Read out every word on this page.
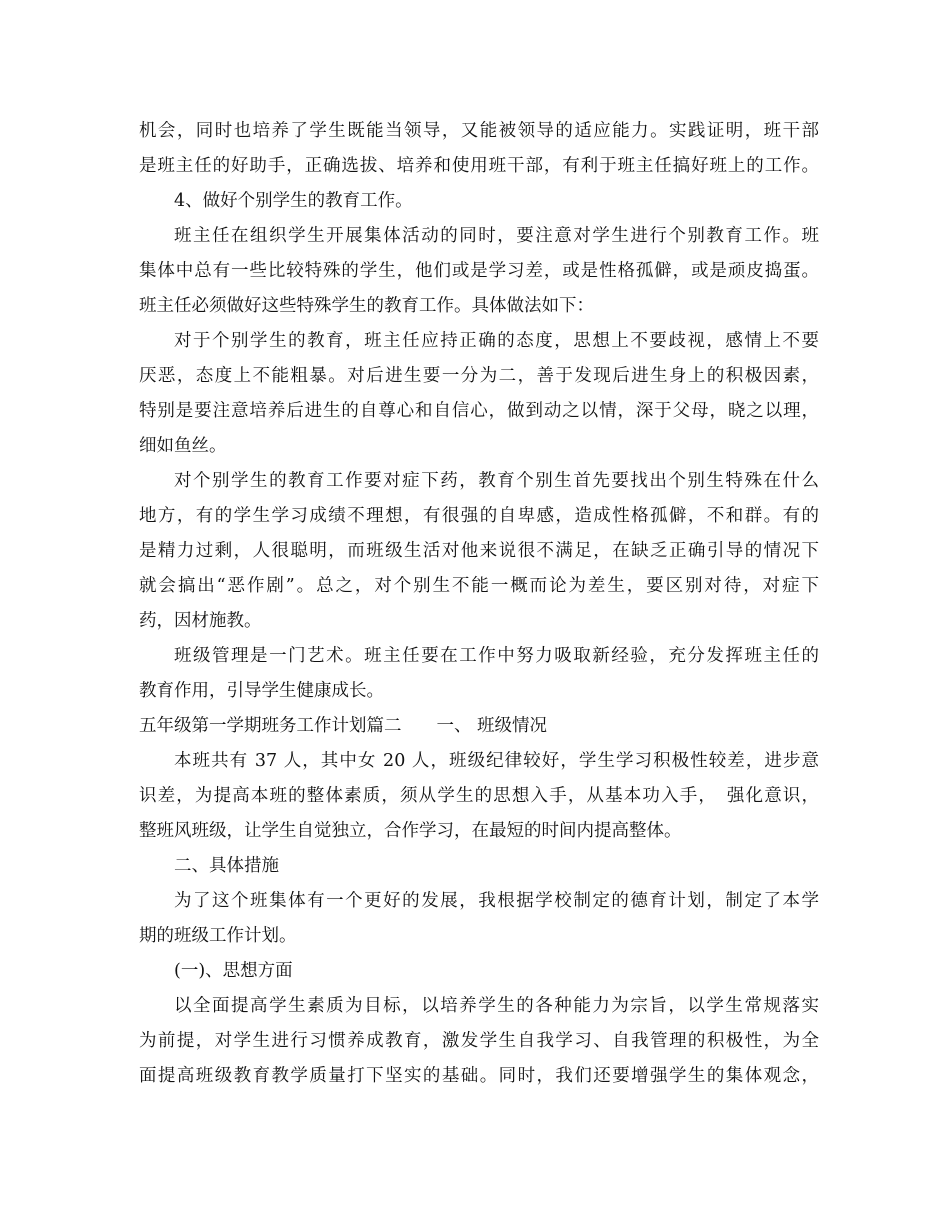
机会，同时也培养了学生既能当领导，又能被领导的适应能力。实践证明，班干部
是班主任的好助手，正确选拔、培养和使用班干部，有利于班主任搞好班上的工作。
4、做好个别学生的教育工作。
班主任在组织学生开展集体活动的同时，要注意对学生进行个别教育工作。班
集体中总有一些比较特殊的学生，他们或是学习差，或是性格孤僻，或是顽皮捣蛋。
班主任必须做好这些特殊学生的教育工作。具体做法如下：
对于个别学生的教育，班主任应持正确的态度，思想上不要歧视，感情上不要
厌恶，态度上不能粗暴。对后进生要一分为二，善于发现后进生身上的积极因素，
特别是要注意培养后进生的自尊心和自信心，做到动之以情，深于父母，晓之以理，
细如鱼丝。
对个别学生的教育工作要对症下药，教育个别生首先要找出个别生特殊在什么
地方，有的学生学习成绩不理想，有很强的自卑感，造成性格孤僻，不和群。有的
是精力过剩，人很聪明，而班级生活对他来说很不满足，在缺乏正确引导的情况下
就会搞出“恶作剧”。总之，对个别生不能一概而论为差生，要区别对待，对症下
药，因材施教。
班级管理是一门艺术。班主任要在工作中努力吸取新经验，充分发挥班主任的
教育作用，引导学生健康成长。
五年级第一学期班务工作计划篇二　　一、 班级情况
本班共有 37 人，其中女 20 人，班级纪律较好，学生学习积极性较差，进步意
识差，为提高本班的整体素质，须从学生的思想入手，从基本功入手，　强化意识，
整班风班级，让学生自觉独立，合作学习，在最短的时间内提高整体。
二、具体措施
为了这个班集体有一个更好的发展，我根据学校制定的德育计划，制定了本学
期的班级工作计划。
(一)、思想方面
以全面提高学生素质为目标，以培养学生的各种能力为宗旨，以学生常规落实
为前提，对学生进行习惯养成教育，激发学生自我学习、自我管理的积极性，为全
面提高班级教育教学质量打下坚实的基础。同时，我们还要增强学生的集体观念，
